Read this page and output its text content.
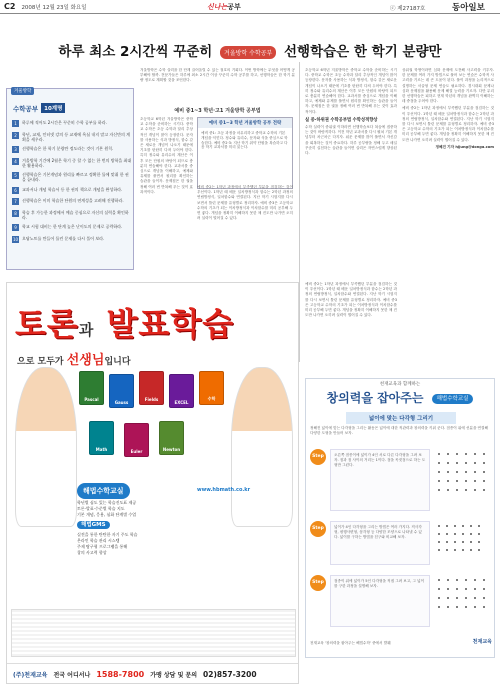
C2 2008년 12월 23일 화요일	신나는공부	ⓒ 제27187호	동아일보
하루 최소 2시간씩 꾸준히 겨울방학 수학공부 선행학습은 한 학기 분량만
겨울방학
수학공부	10계명
1	하루에 적어도 2시간은 꾸준히 수학 공부를 하라.
2	학년, 교재, 인터넷 강의 등 교재에 욕심 내지 말고 자신만의 계획을 세우라.
3	선행학습은 한 학기 분량만 정도라는 것이 기본 원칙.
4	겨울방학 기간에 2월은 학기 중 할 수 없는 한 번의 방학을 최대한 활용하라.
5	선행학습은 기본개념과 원리를 빠르고 정확한 틀에 맞춰 한 권을 끝내라.
6	교과서나 개념 학습서 등 한 권의 책으로 개념을 완성하라.
7	선행학습은 이미 학습한 단원의 연계성을 고려해 진행하라.
8	학습 후 가능한 과정에서 예습 중심으로 자신의 실력을 확인하라.
9	학교 시험 대비는 한 단계 높은 난이도의 문제로 공략하라.
10 오답노트를 만들어 틀린 문제를 다시 풀어 보라.

겨울방학은 수학 실력을 한 단계 끌어올릴 수 있는 절호의 기회다. 이번 방학에는 무엇을 어떻게 공부해야 할까. 전문가들은 하루에 최소 2시간 이상 꾸준히 수학 공부를 하고, 선행학습은 한 학기 분량 정도로 계획할 것을 조언한다.

예비 중1~3 학년·고1 겨울방학 공부법

초등학교 6학년 겨울방학은 중학교 수학을 준비하는 시기다. 중학교 수학은 초등 수학과 달리 추상적인 개념이 많이 등장한다. 문자를 사용하는 식과 방정식, 함수 같은 새로운 개념이 나오기 때문에 기초를 탄탄히 다져 두어야 한다. 특히 정수와 유리수의 계산은 이후 모든 단원의 바탕이 되므로 충분히 연습해야 한다. 교과서를 중심으로 개념을 이해하고, 예제와 유제를 풀면서 원리를 확인하는 습관을 들이자. 문제집은 한 권을 정해 여러 번 반복해 푸는 것이 효과적이다.

예비 중1~3 학년 겨울방학 공부 전략
예비 중1: 초등 과정을 마무리하고 중학교 수학의 기본 개념을 익힌다. 정수와 유리수, 문자와 식을 중심으로 학습한다. 예비 중2·3: 지난 학기 취약 단원을 복습하고 다음 학기 교과서를 미리 읽는다.

예비 중2는 1학년 과정에서 부족했던 부분을 점검하는 것이 우선이다. 1학년 때 배운 일차방정식과 함수는 2학년 과정의 연립방정식, 일차함수와 연결된다. 지난 학기 시험지를 다시 보면서 틀린 문제를 유형별로 정리하자. 예비 중3은 고등학교 수학의 기초가 되는 이차방정식과 이차함수를 미리 공부해 두면 좋다. 개념을 정확히 이해하지 못한 채 진도만 나가면 오히려 실력이 떨어질 수 있다.

초등학교 6학년 겨울방학은 중학교 수학을 준비하는 시기다. 중학교 수학은 초등 수학과 달리 추상적인 개념이 많이 등장한다. 문자를 사용하는 식과 방정식, 함수 같은 새로운 개념이 나오기 때문에 기초를 탄탄히 다져 두어야 한다. 특히 정수와 유리수의 계산은 이후 모든 단원의 바탕이 되므로 충분히 연습해야 한다. 교과서를 중심으로 개념을 이해하고, 예제와 유제를 풀면서 원리를 확인하는 습관을 들이자. 문제집은 한 권을 정해 여러 번 반복해 푸는 것이 효과적이다.

실 중·하위권 수학공부법 수학성적향상

수학 실력이 중위권 이하라면 선행학습보다 복습에 집중하는 것이 바람직하다. 이전 학년 교과서를 다시 펼쳐 기본 개념부터 차근차근 다지자. 쉬운 문제를 많이 풀면서 자신감을 회복하는 것이 중요하다. 하루 공부량을 정해 두고 매일 꾸준히 실천하는 습관을 들이면 실력은 자연스럽게 향상된다.

상위권 학생이라면 심화 문제에 도전해 사고력을 키우자. 한 문제를 여러 가지 방법으로 풀어 보는 연습은 수학적 사고력을 기르는 데 큰 도움이 된다. 풀이 과정을 논리적으로 설명하는 서술형 문제 연습도 필요하다. 경시대회 문제나 심화 문제집을 활용해 문제 해결 능력을 기르자. 다만 무리한 선행학습은 피하고 현재 학년의 개념을 완벽히 이해하는 데 중점을 두어야 한다.

예비 중2는 1학년 과정에서 부족했던 부분을 점검하는 것이 우선이다. 1학년 때 배운 일차방정식과 함수는 2학년 과정의 연립방정식, 일차함수와 연결된다. 지난 학기 시험지를 다시 보면서 틀린 문제를 유형별로 정리하자. 예비 중3은 고등학교 수학의 기초가 되는 이차방정식과 이차함수를 미리 공부해 두면 좋다. 개념을 정확히 이해하지 못한 채 진도만 나가면 오히려 실력이 떨어질 수 있다.

정혜진 기자 hjjung@donga.com

예비 중2는 1학년 과정에서 부족했던 부분을 점검하는 것이 우선이다. 1학년 때 배운 일차방정식과 함수는 2학년 과정의 연립방정식, 일차함수와 연결된다. 지난 학기 시험지를 다시 보면서 틀린 문제를 유형별로 정리하자. 예비 중3은 고등학교 수학의 기초가 되는 이차방정식과 이차함수를 미리 공부해 두면 좋다. 개념을 정확히 이해하지 못한 채 진도만 나가면 오히려 실력이 떨어질 수 있다.

토론과 발표학습
으로 모두가 선생님입니다
Pascal
Gauss
Fields
EXCEL
수학
Math	Euler	Newton
해법수학교실
학년별 심도 있는 학습진도표 제공
토론·발표·수준별 학습 지도
기본 개념, 응용, 심화 단계별 수업
해법GMS
실전을 통한 탄탄한 자기 주도 학습
온라인 학습 관리 시스템
주제 탐구형 프로그램을 통해
창의 사고력 향상
www.hbmath.co.kr
(주)천재교육 전국 어디서나 1588-7800 가맹 상담 및 문의 02)857-3200
천재교육과 함께하는
창의력을 잡아주는 해법수학교실
넓이에 맞는 다각형 그리기
정해진 넓이에 맞는 다각형을 그리는 활동은 넓이에 대한 직관력과 창의력을 키워 준다. 점종이 위에 선분을 연결해 다양한 도형을 만들어 보자.
Step 1
오른쪽 점종이에 넓이가 4인 서로 다른 다각형을 그려 보자. 점과 점 사이의 거리는 1이다. 점을 꼭짓점으로 하는 도형만 그린다.
Step 2
넓이가 4인 다각형을 그리는 방법은 여러 가지다. 직사각형, 평행사변형, 삼각형 등 다양한 모양으로 나타낼 수 있다. 넓이를 구하는 방법을 친구와 비교해 보자.
Step 3
점종이 위에 넓이가 5인 다각형을 직접 그려 보고, 그 넓이를 구한 과정을 설명해 보자.
천재교육 '창의력을 잡아주는 해법수학' 중에서 발췌	천재교육
